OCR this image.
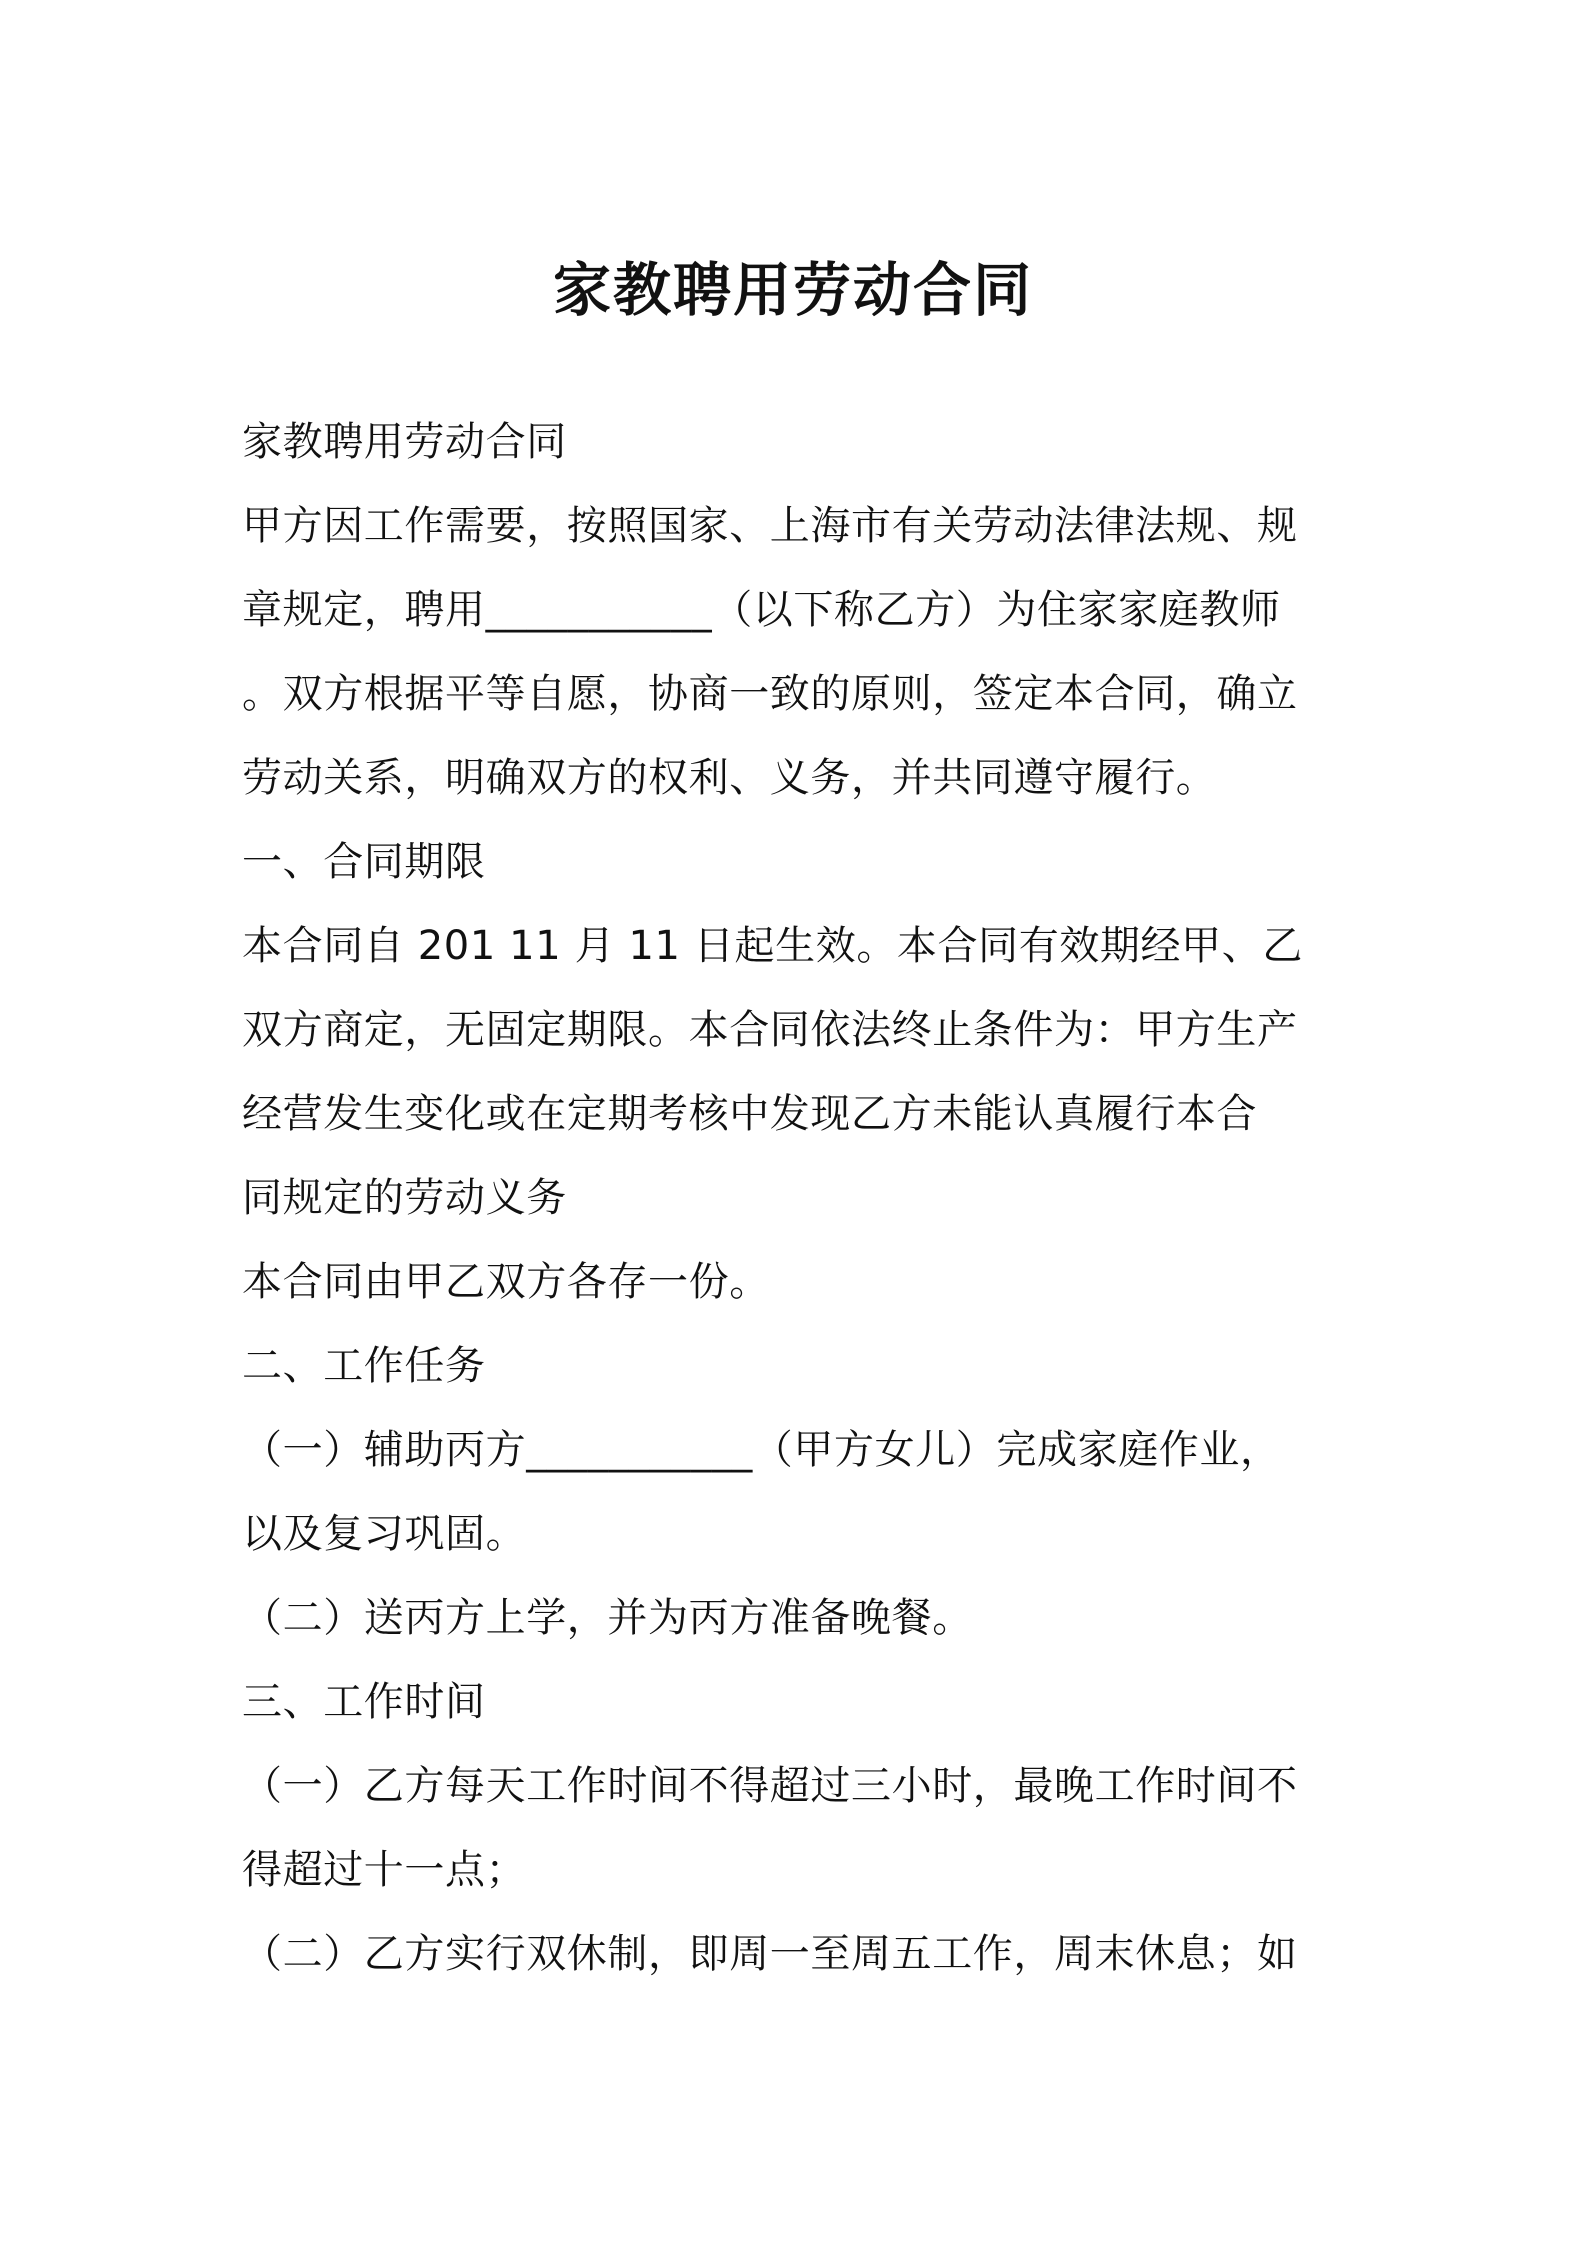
家教聘用劳动合同

家教聘用劳动合同

甲方因工作需要，按照国家、上海市有关劳动法律法规、规

章规定，聘用___________（以下称乙方）为住家家庭教师

。双方根据平等自愿，协商一致的原则，签定本合同，确立

劳动关系，明确双方的权利、义务，并共同遵守履行。

一、合同期限

本合同自 201 11 月 11 日起生效。本合同有效期经甲、乙

双方商定，无固定期限。本合同依法终止条件为：甲方生产

经营发生变化或在定期考核中发现乙方未能认真履行本合

同规定的劳动义务

本合同由甲乙双方各存一份。

二、工作任务

（一）辅助丙方___________（甲方女儿）完成家庭作业，

以及复习巩固。

（二）送丙方上学，并为丙方准备晚餐。

三、工作时间

（一）乙方每天工作时间不得超过三小时，最晚工作时间不

得超过十一点；

（二）乙方实行双休制，即周一至周五工作，周末休息；如
